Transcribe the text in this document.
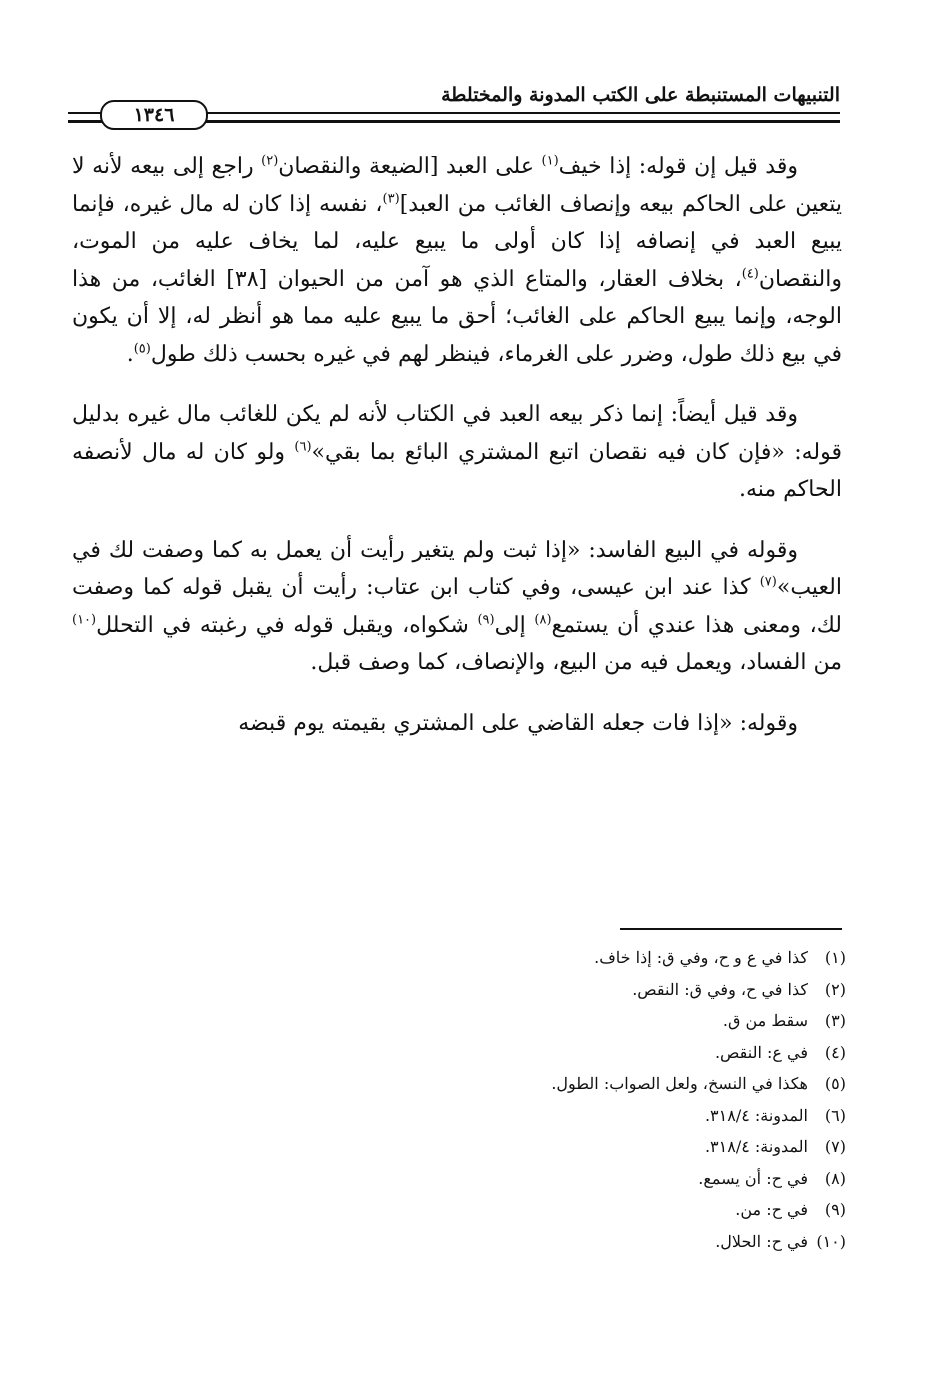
التنبيهات المستنبطة على الكتب المدونة والمختلطة
١٣٤٦

وقد قيل إن قوله: إذا خيف$^{(١)}$ على العبد [الضيعة والنقصان$^{(٢)}$ راجع إلى بيعه لأنه لا يتعين على الحاكم بيعه وإنصاف الغائب من العبد]$^{(٣)}$، نفسه إذا كان له مال غيره، فإنما يبيع العبد في إنصافه إذا كان أولى ما يبيع عليه، لما يخاف عليه من الموت، والنقصان$^{(٤)}$، بخلاف العقار، والمتاع الذي هو آمن من الحيوان [٣٨] الغائب، من هذا الوجه، وإنما يبيع الحاكم على الغائب؛ أحق ما يبيع عليه مما هو أنظر له، إلا أن يكون في بيع ذلك طول، وضرر على الغرماء، فينظر لهم في غيره بحسب ذلك طول$^{(٥)}$.

وقد قيل أيضاً: إنما ذكر بيعه العبد في الكتاب لأنه لم يكن للغائب مال غيره بدليل قوله: «فإن كان فيه نقصان اتبع المشتري البائع بما بقي»$^{(٦)}$ ولو كان له مال لأنصفه الحاكم منه.

وقوله في البيع الفاسد: «إذا ثبت ولم يتغير رأيت أن يعمل به كما وصفت لك في العيب»$^{(٧)}$ كذا عند ابن عيسى، وفي كتاب ابن عتاب: رأيت أن يقبل قوله كما وصفت لك، ومعنى هذا عندي أن يستمع$^{(٨)}$ إلى$^{(٩)}$ شكواه، ويقبل قوله في رغبته في التحلل$^{(١٠)}$ من الفساد، ويعمل فيه من البيع، والإنصاف، كما وصف قبل.

وقوله: «إذا فات جعله القاضي على المشتري بقيمته يوم قبضه

(١)كذا في ع و ح، وفي ق: إذا خاف.
(٢)كذا في ح، وفي ق: النقص.
(٣)سقط من ق.
(٤)في ع: النقص.
(٥)هكذا في النسخ، ولعل الصواب: الطول.
(٦)المدونة: ٣١٨/٤.
(٧)المدونة: ٣١٨/٤.
(٨)في ح: أن يسمع.
(٩)في ح: من.
(١٠)في ح: الحلال.
